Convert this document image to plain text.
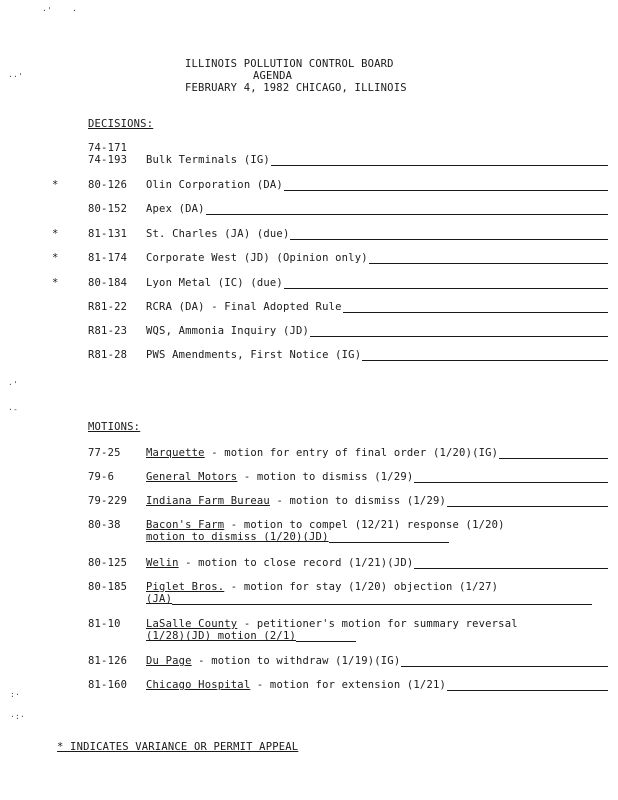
·' ·
··'
·'
·-
:·
·:·
ILLINOIS POLLUTION CONTROL BOARD
AGENDA
FEBRUARY 4, 1982 CHICAGO, ILLINOIS
DECISIONS:
74-171
74-193 Bulk Terminals (IG)
*	80-126 Olin Corporation (DA)
80-152 Apex (DA)
*	81-131 St. Charles (JA) (due)
*	81-174 Corporate West (JD) (Opinion only)
*	80-184 Lyon Metal (IC) (due)
R81-22 RCRA (DA) - Final Adopted Rule
R81-23 WQS, Ammonia Inquiry (JD)
R81-28 PWS Amendments, First Notice (IG)
MOTIONS:
77-25 Marquette - motion for entry of final order (1/20)(IG)
79-6	General Motors - motion to dismiss (1/29)
79-229 Indiana Farm Bureau - motion to dismiss (1/29)
80-38 Bacon's Farm - motion to compel (12/21) response (1/20)
motion to dismiss (1/20)(JD)
80-125 Welin - motion to close record (1/21)(JD)
80-185 Piglet Bros. - motion for stay (1/20) objection (1/27)
(JA)
81-10 LaSalle County - petitioner's motion for summary reversal
(1/28)(JD) motion (2/1)
81-126 Du Page - motion to withdraw (1/19)(IG)
81-160 Chicago Hospital - motion for extension (1/21)
* INDICATES VARIANCE OR PERMIT APPEAL
